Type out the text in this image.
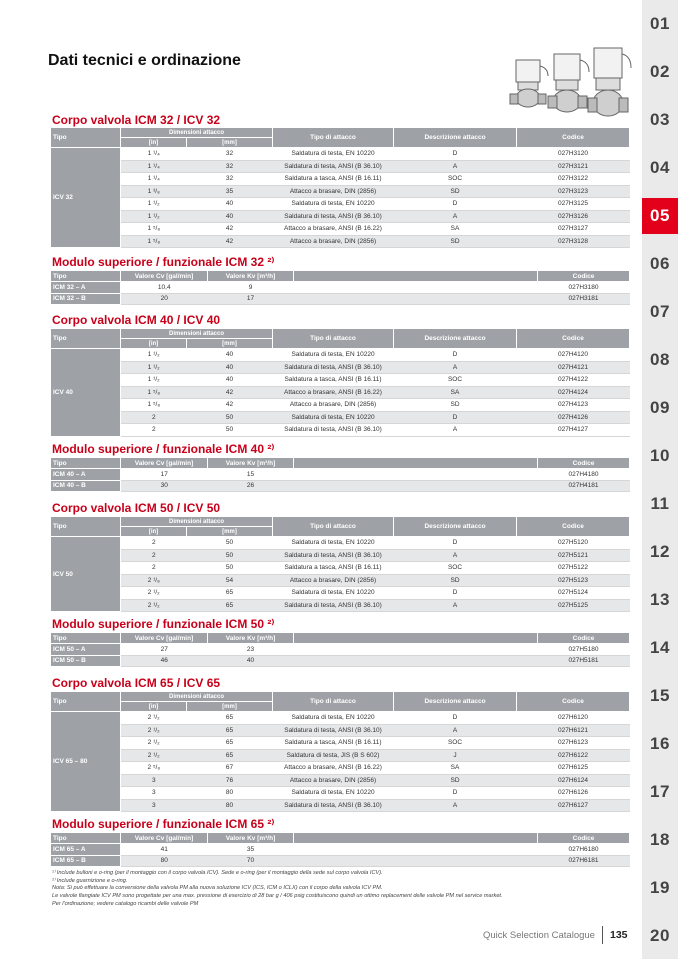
01
02
03
04
05
06
07
08
09
10
11
12
13
14
15
16
17
18
19
20
Dati tecnici e ordinazione
Corpo valvola ICM 32 / ICV 32
Tipo	Dimensioni attacco		Tipo di attacco	Descrizione attacco	Codice
	[in]	[mm]			
ICV 32	1 ¹/₄	32	Saldatura di testa, EN 10220	D	027H3120
	1 ¹/₄	32	Saldatura di testa, ANSI (B 36.10)	A	027H3121
	1 ¹/₄	32	Saldatura a tasca, ANSI (B 16.11)	SOC	027H3122
	1 ³/₈	35	Attacco a brasare, DIN (2856)	SD	027H3123
	1 ¹/₂	40	Saldatura di testa, EN 10220	D	027H3125
	1 ¹/₂	40	Saldatura di testa, ANSI (B 36.10)	A	027H3126
	1 ⁵/₈	42	Attacco a brasare, ANSI (B 16.22)	SA	027H3127
	1 ⁵/₈	42	Attacco a brasare, DIN (2856)	SD	027H3128
Modulo superiore / funzionale ICM 32 ²⁾
Tipo	Valore Cv [gal/min]	Valore Kv [m³/h]		Codice
ICM 32 – A	10,4	9		027H3180
ICM 32 – B	20	17		027H3181
Corpo valvola ICM 40 / ICV 40
Tipo	Dimensioni attacco		Tipo di attacco	Descrizione attacco	Codice
	[in]	[mm]			
ICV 40	1 ¹/₂	40	Saldatura di testa, EN 10220	D	027H4120
	1 ¹/₂	40	Saldatura di testa, ANSI (B 36.10)	A	027H4121
	1 ¹/₂	40	Saldatura a tasca, ANSI (B 16.11)	SOC	027H4122
	1 ⁵/₈	42	Attacco a brasare, ANSI (B 16.22)	SA	027H4124
	1 ⁵/₈	42	Attacco a brasare, DIN (2856)	SD	027H4123
	2	50	Saldatura di testa, EN 10220	D	027H4126
	2	50	Saldatura di testa, ANSI (B 36.10)	A	027H4127
Modulo superiore / funzionale ICM 40 ²⁾
Tipo	Valore Cv [gal/min]	Valore Kv [m³/h]		Codice
ICM 40 – A	17	15		027H4180
ICM 40 – B	30	26		027H4181
Corpo valvola ICM 50 / ICV 50
Tipo	Dimensioni attacco		Tipo di attacco	Descrizione attacco	Codice
	[in]	[mm]			
ICV 50	2	50	Saldatura di testa, EN 10220	D	027H5120
	2	50	Saldatura di testa, ANSI (B 36.10)	A	027H5121
	2	50	Saldatura a tasca, ANSI (B 16.11)	SOC	027H5122
	2 ¹/₈	54	Attacco a brasare, DIN (2856)	SD	027H5123
	2 ¹/₂	65	Saldatura di testa, EN 10220	D	027H5124
	2 ¹/₂	65	Saldatura di testa, ANSI (B 36.10)	A	027H5125
Modulo superiore / funzionale ICM 50 ²⁾
Tipo	Valore Cv [gal/min]	Valore Kv [m³/h]		Codice
ICM 50 – A	27	23		027H5180
ICM 50 – B	46	40		027H5181
Corpo valvola ICM 65 / ICV 65
Tipo	Dimensioni attacco		Tipo di attacco	Descrizione attacco	Codice
	[in]	[mm]			
ICV 65 – 80	2 ¹/₂	65	Saldatura di testa, EN 10220	D	027H6120
	2 ¹/₂	65	Saldatura di testa, ANSI (B 36.10)	A	027H6121
	2 ¹/₂	65	Saldatura a tasca, ANSI (B 16.11)	SOC	027H6123
	2 ¹/₂	65	Saldatura di testa, JIS (B S 602)	J	027H6122
	2 ⁵/₈	67	Attacco a brasare, ANSI (B 16.22)	SA	027H6125
	3	76	Attacco a brasare, DIN (2856)	SD	027H6124
	3	80	Saldatura di testa, EN 10220	D	027H6126
	3	80	Saldatura di testa, ANSI (B 36.10)	A	027H6127
Modulo superiore / funzionale ICM 65 ²⁾
Tipo	Valore Cv [gal/min]	Valore Kv [m³/h]		Codice
ICM 65 – A	41	35		027H6180
ICM 65 – B	80	70		027H6181
¹⁾ Include bulloni e o-ring (per il montaggio con il corpo valvola ICV). Sede e o-ring (per il montaggio della sede sul corpo valvola ICV).
²⁾ Include guarnizione e o-ring.
Nota: Si può effettuare la conversione della valvola PM alla nuova soluzione ICV (ICS, ICM o ICLX) con il corpo della valvola ICV PM.
Le valvole flangiate ICV PM sono progettate per una max. pressione di esercizio di 28 bar g / 406 psig costituiscono quindi un ottimo replacement delle valvole PM nel service market.
Per l'ordinazione; vedere catalogo ricambi delle valvole PM
Quick Selection Catalogue 135
